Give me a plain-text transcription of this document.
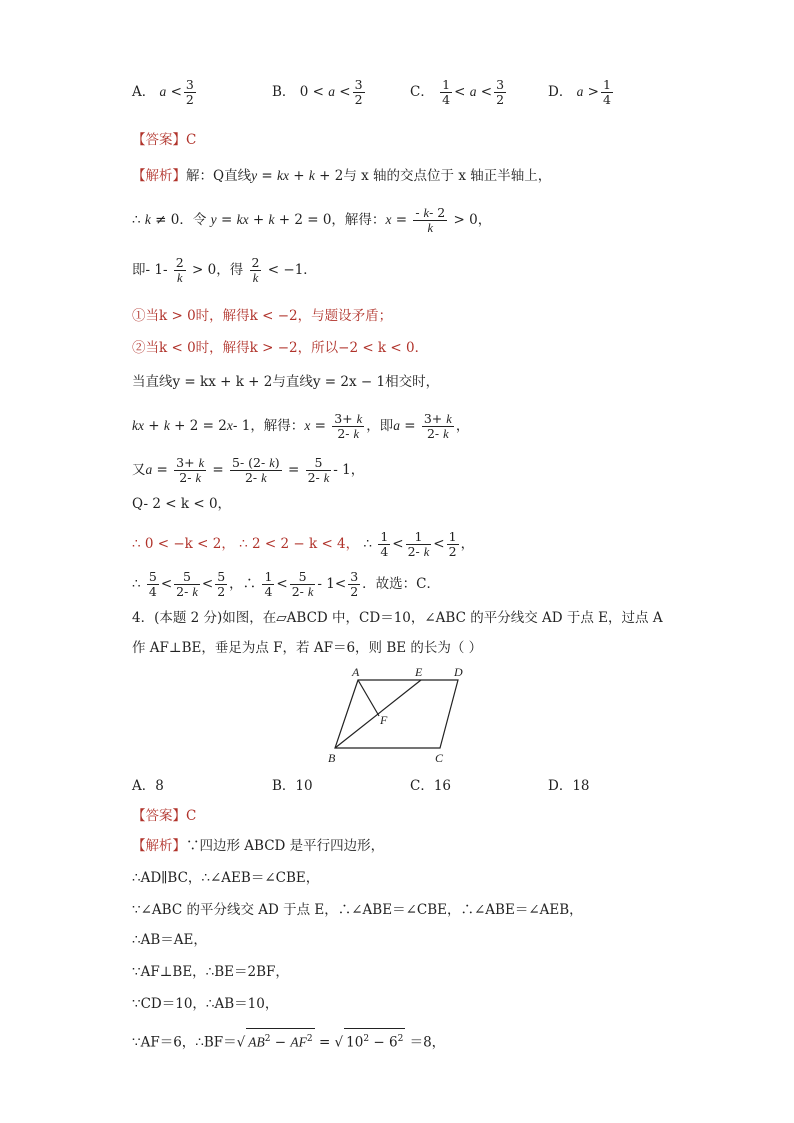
A． $a < \frac{3}{2}$	B． $0 < a < \frac{3}{2}$	C． $\frac{1}{4} < a < \frac{3}{2}$	D． $a > \frac{1}{4}$
【答案】C
【解析】解：Q直线y = kx + k + 2与 x 轴的交点位于 x 轴正半轴上，
∴ k ≠ 0．令 y = kx + k + 2 = 0，解得：$x = \frac{- k- 2}{k} > 0$，
即- $1- \frac{2}{k} > 0$，得 $\frac{2}{k} < -1$．
①当k > 0时，解得k < −2，与题设矛盾；
②当k < 0时，解得k > −2，所以−2 < k < 0．
当直线y = kx + k + 2与直线y = 2x − 1相交时，
kx + k + 2 = 2x- 1，解得：$x = \frac{3+ k}{2- k}$ ，即$a = \frac{3+ k}{2- k}$ ，
又$a = \frac{3+ k}{2- k} = \frac{5- (2- k)}{2- k} = \frac{5}{2- k} - 1$，
Q- 2 < k < 0，
∴ 0 < −k < 2， ∴ 2 < 2 − k < 4， ∴ $\frac{1}{4} < \frac{1}{2- k} < \frac{1}{2}$ ，
∴ $\frac{5}{4} < \frac{5}{2- k} < \frac{5}{2}$ ，∴ $\frac{1}{4} < \frac{5}{2- k} - 1< \frac{3}{2}$ ．故选：C．
4．(本题 2 分)如图，在▱ABCD 中，CD＝10，∠ABC 的平分线交 AD 于点 E，过点 A
作 AF⊥BE，垂足为点 F，若 AF＝6，则 BE 的长为（ ）
A	E	D
F
B	C
A．8	B．10	C．16	D．18
【答案】C
【解析】∵四边形 ABCD 是平行四边形，
∴AD∥BC，∴∠AEB＝∠CBE，
∵∠ABC 的平分线交 AD 于点 E，∴∠ABE＝∠CBE，∴∠ABE＝∠AEB，
∴AB＝AE，
∵AF⊥BE，∴BE＝2BF，
∵CD＝10，∴AB＝10，
∵AF＝6，∴BF＝√ $AB^2 - AF^2$ = √ $10^2 - 6^2 =8$，
